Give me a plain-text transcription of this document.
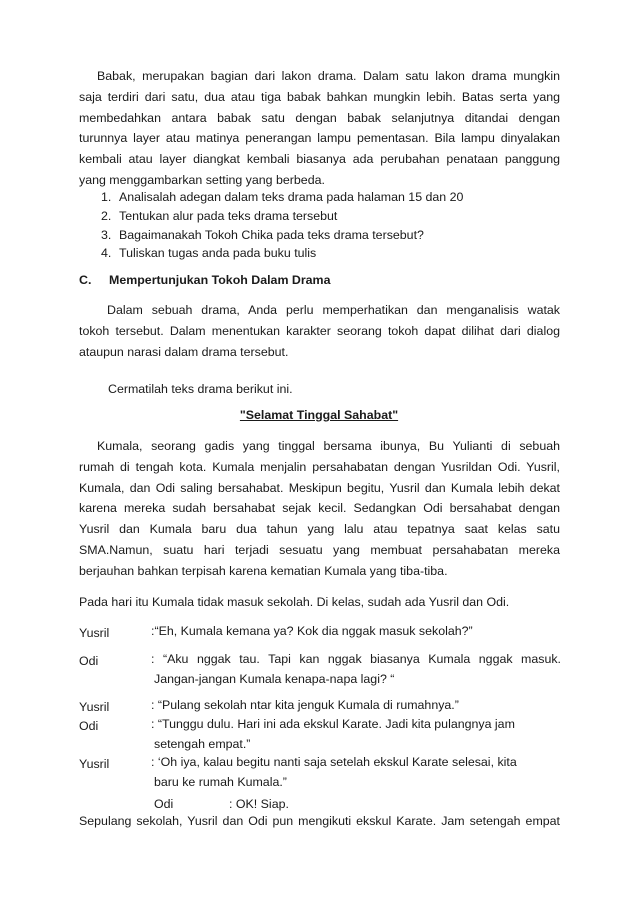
Babak, merupakan bagian dari lakon drama. Dalam satu lakon drama mungkin
saja terdiri dari satu, dua atau tiga babak bahkan mungkin lebih. Batas serta yang
membedahkan antara babak satu dengan babak selanjutnya ditandai dengan
turunnya layer atau matinya penerangan lampu pementasan. Bila lampu dinyalakan
kembali atau layer diangkat kembali biasanya ada perubahan penataan panggung
yang menggambarkan setting yang berbeda.
1. Analisalah adegan dalam teks drama pada halaman 15 dan 20
2. Tentukan alur pada teks drama tersebut
3. Bagaimanakah Tokoh Chika pada teks drama tersebut?
4. Tuliskan tugas anda pada buku tulis
C. Mempertunjukan Tokoh Dalam Drama
Dalam sebuah drama, Anda perlu memperhatikan dan menganalisis watak
tokoh tersebut. Dalam menentukan karakter seorang tokoh dapat dilihat dari dialog
ataupun narasi dalam drama tersebut.
Cermatilah teks drama berikut ini.
"Selamat Tinggal Sahabat"
Kumala, seorang gadis yang tinggal bersama ibunya, Bu Yulianti di sebuah
rumah di tengah kota. Kumala menjalin persahabatan dengan Yusrildan Odi. Yusril,
Kumala, dan Odi saling bersahabat. Meskipun begitu, Yusril dan Kumala lebih dekat
karena mereka sudah bersahabat sejak kecil. Sedangkan Odi bersahabat dengan
Yusril dan Kumala baru dua tahun yang lalu atau tepatnya saat kelas satu
SMA.Namun, suatu hari terjadi sesuatu yang membuat persahabatan mereka
berjauhan bahkan terpisah karena kematian Kumala yang tiba-tiba.
Pada hari itu Kumala tidak masuk sekolah. Di kelas, sudah ada Yusril dan Odi.
Yusril	:“Eh, Kumala kemana ya? Kok dia nggak masuk sekolah?”
Odi	: “Aku nggak tau. Tapi kan nggak biasanya Kumala nggak masuk.
Jangan-jangan Kumala kenapa-napa lagi? “
Yusril	: “Pulang sekolah ntar kita jenguk Kumala di rumahnya.”
Odi	: “Tunggu dulu. Hari ini ada ekskul Karate. Jadi kita pulangnya jam
setengah empat.”
Yusril	: ‘Oh iya, kalau begitu nanti saja setelah ekskul Karate selesai, kita
baru ke rumah Kumala.”
Odi	: OK! Siap.
Sepulang sekolah, Yusril dan Odi pun mengikuti ekskul Karate. Jam setengah empat
